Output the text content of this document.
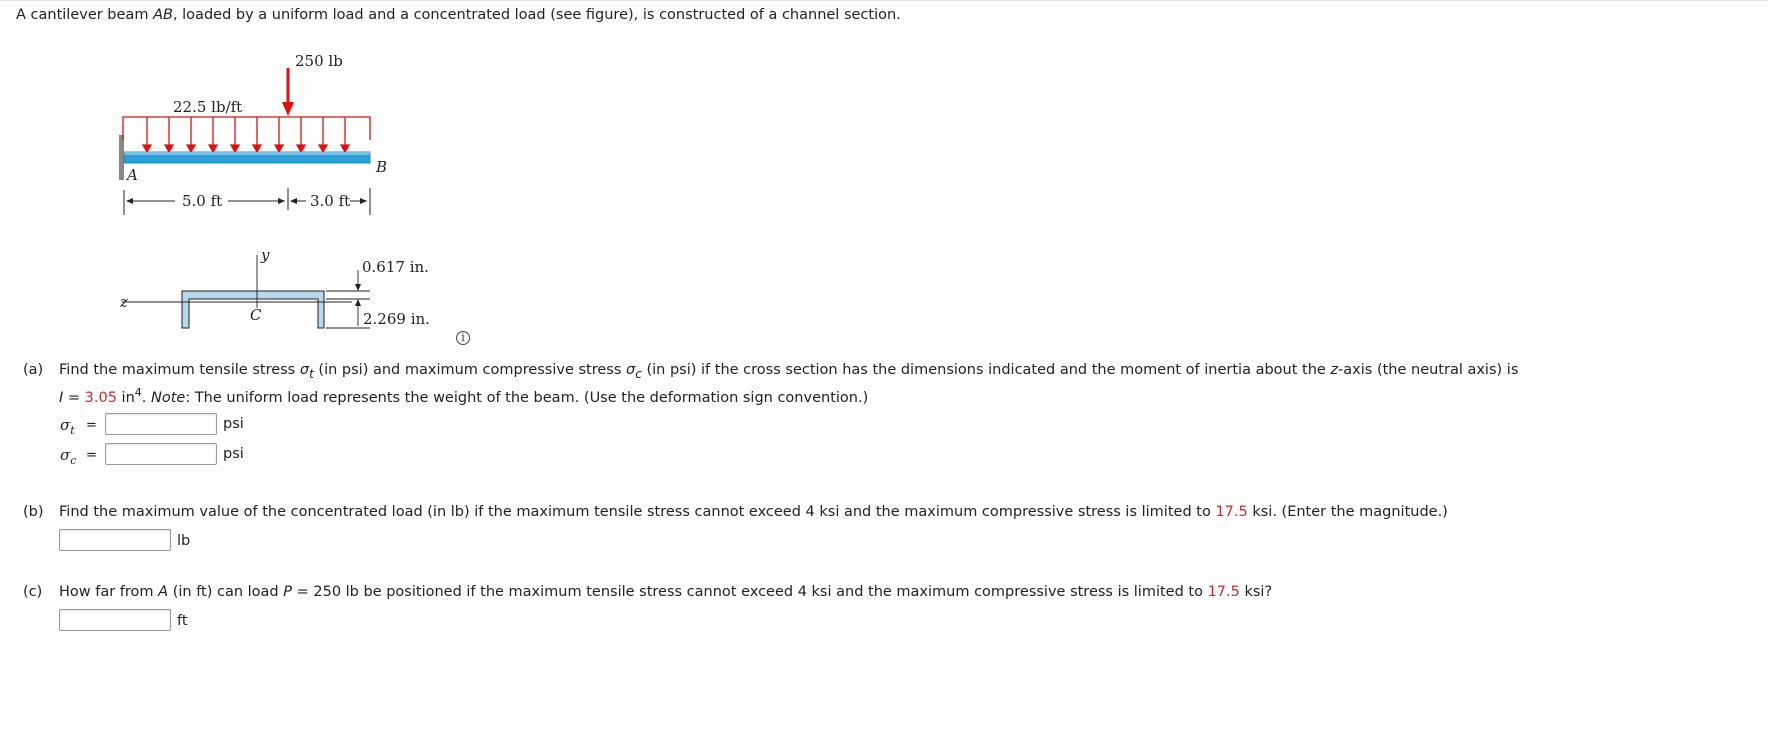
A cantilever beam AB, loaded by a uniform load and a concentrated load (see figure), is constructed of a channel section.
250 lb
22.5 lb/ft
A	B
5.0 ft	3.0 ft
y
z
C
0.617 in.
2.269 in.
i
(a) Find the maximum tensile stress $\sigma_t$ (in psi) and maximum compressive stress $\sigma_c$ (in psi) if the cross section has the dimensions indicated and the moment of inertia about the z-axis (the neutral axis) is
I = 3.05 $in^4$. Note: The uniform load represents the weight of the beam. (Use the deformation sign convention.)
$\sigma_t$ =	psi
$\sigma_c$ =	psi
(b) Find the maximum value of the concentrated load (in lb) if the maximum tensile stress cannot exceed 4 ksi and the maximum compressive stress is limited to 17.5 ksi. (Enter the magnitude.)
lb
(c) How far from A (in ft) can load P = 250 lb be positioned if the maximum tensile stress cannot exceed 4 ksi and the maximum compressive stress is limited to 17.5 ksi?
ft
